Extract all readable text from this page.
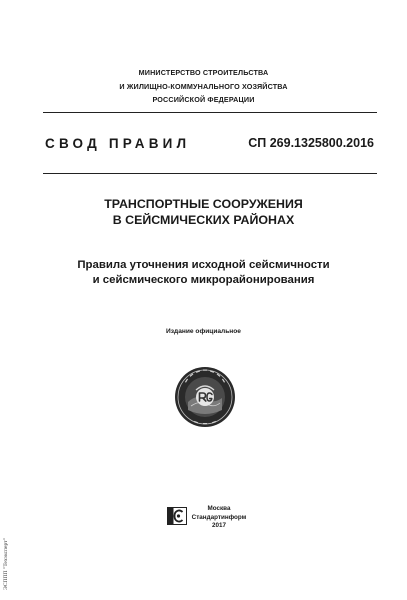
МИНИСТЕРСТВО СТРОИТЕЛЬСТВА
И ЖИЛИЩНО-КОММУНАЛЬНОГО ХОЗЯЙСТВА
РОССИЙСКОЙ ФЕДЕРАЦИИ
СВОД ПРАВИЛ	СП 269.1325800.2016
ТРАНСПОРТНЫЕ СООРУЖЕНИЯ
В СЕЙСМИЧЕСКИХ РАЙОНАХ
Правила уточнения исходной сейсмичности
и сейсмического микрорайонирования
Издание официальное
Москва
Стандартинформ
2017
ЭСППП "Техэксперт"
